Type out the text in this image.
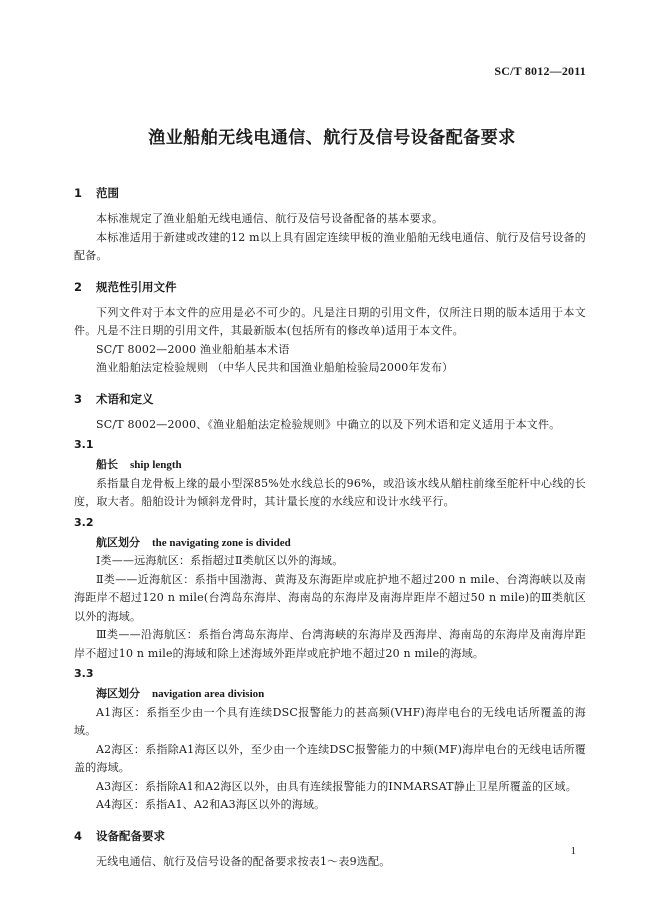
SC/T 8012—2011
渔业船舶无线电通信、航行及信号设备配备要求
1 范围

本标准规定了渔业船舶无线电通信、航行及信号设备配备的基本要求。

本标准适用于新建或改建的12 m以上具有固定连续甲板的渔业船舶无线电通信、航行及信号设备的配备。

2 规范性引用文件

下列文件对于本文件的应用是必不可少的。凡是注日期的引用文件，仅所注日期的版本适用于本文件。凡是不注日期的引用文件，其最新版本(包括所有的修改单)适用于本文件。

SC/T 8002—2000 渔业船舶基本术语

渔业船舶法定检验规则 （中华人民共和国渔业船舶检验局2000年发布）

3 术语和定义

SC/T 8002—2000、《渔业船舶法定检验规则》中确立的以及下列术语和定义适用于本文件。

3.1
船长 ship length

系指量自龙骨板上缘的最小型深85%处水线总长的96%，或沿该水线从艏柱前缘至舵杆中心线的长度，取大者。船舶设计为倾斜龙骨时，其计量长度的水线应和设计水线平行。

3.2
航区划分 the navigating zone is divided

Ⅰ类——远海航区：系指超过Ⅱ类航区以外的海域。

Ⅱ类——近海航区：系指中国渤海、黄海及东海距岸或庇护地不超过200 n mile、台湾海峡以及南海距岸不超过120 n mile(台湾岛东海岸、海南岛的东海岸及南海岸距岸不超过50 n mile)的Ⅲ类航区以外的海域。

Ⅲ类——沿海航区：系指台湾岛东海岸、台湾海峡的东海岸及西海岸、海南岛的东海岸及南海岸距岸不超过10 n mile的海域和除上述海域外距岸或庇护地不超过20 n mile的海域。

3.3
海区划分 navigation area division

A1海区：系指至少由一个具有连续DSC报警能力的甚高频(VHF)海岸电台的无线电话所覆盖的海域。

A2海区：系指除A1海区以外，至少由一个连续DSC报警能力的中频(MF)海岸电台的无线电话所覆盖的海域。

A3海区：系指除A1和A2海区以外，由具有连续报警能力的INMARSAT静止卫星所覆盖的区域。

A4海区：系指A1、A2和A3海区以外的海域。

4 设备配备要求

无线电通信、航行及信号设备的配备要求按表1～表9选配。

1
